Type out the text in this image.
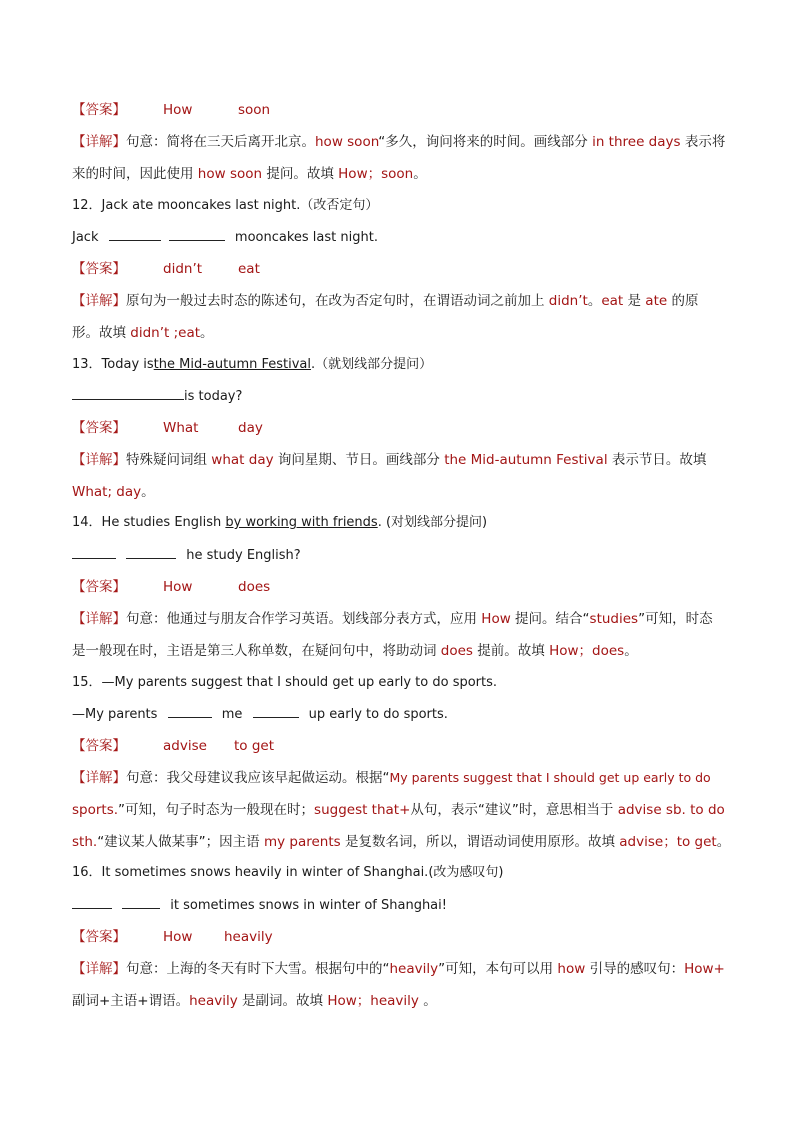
【答案】	How	soon
【详解】句意：简将在三天后离开北京。how soon“多久，询问将来的时间。画线部分 in three days 表示将
来的时间，因此使用 how soon 提问。故填 How；soon。
12．Jack ate mooncakes last night.（改否定句）
Jack	mooncakes last night.
【答案】	didn’t	eat
【详解】原句为一般过去时态的陈述句，在改为否定句时，在谓语动词之前加上 didn’t。eat 是 ate 的原
形。故填 didn’t ;eat。
13．Today isthe Mid-autumn Festival.（就划线部分提问）
is today?
【答案】	What	day
【详解】特殊疑问词组 what day 询问星期、节日。画线部分 the Mid-autumn Festival 表示节日。故填
What; day。
14．He studies English by working with friends. (对划线部分提问)
he study English?
【答案】	How	does
【详解】句意：他通过与朋友合作学习英语。划线部分表方式，应用 How 提问。结合“studies”可知，时态
是一般现在时，主语是第三人称单数，在疑问句中，将助动词 does 提前。故填 How；does。
15．—My parents suggest that I should get up early to do sports.
—My parents	me	up early to do sports.
【答案】	advise to get
【详解】句意：我父母建议我应该早起做运动。根据“My parents suggest that I should get up early to do
sports.”可知，句子时态为一般现在时；suggest that+从句，表示“建议”时，意思相当于 advise sb. to do
sth.“建议某人做某事”；因主语 my parents 是复数名词，所以，谓语动词使用原形。故填 advise；to get。
16．It sometimes snows heavily in winter of Shanghai.(改为感叹句)
it sometimes snows in winter of Shanghai!
【答案】	How heavily
【详解】句意：上海的冬天有时下大雪。根据句中的“heavily”可知，本句可以用 how 引导的感叹句：How+
副词+主语+谓语。heavily 是副词。故填 How；heavily 。
